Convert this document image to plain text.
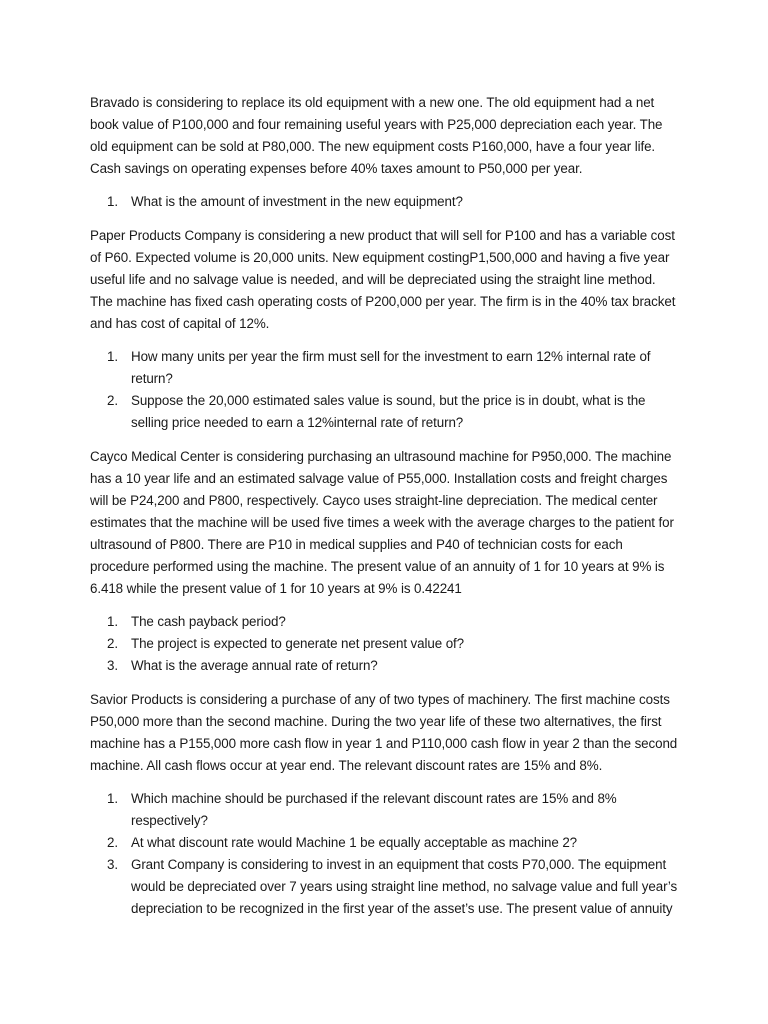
Bravado is considering to replace its old equipment with a new one. The old equipment had a net book value of P100,000 and four remaining useful years with P25,000 depreciation each year. The old equipment can be sold at P80,000. The new equipment costs P160,000, have a four year life. Cash savings on operating expenses before 40% taxes amount to P50,000 per year.

1. What is the amount of investment in the new equipment?

Paper Products Company is considering a new product that will sell for P100 and has a variable cost of P60. Expected volume is 20,000 units. New equipment costingP1,500,000 and having a five year useful life and no salvage value is needed, and will be depreciated using the straight line method. The machine has fixed cash operating costs of P200,000 per year. The firm is in the 40% tax bracket and has cost of capital of 12%.

1. How many units per year the firm must sell for the investment to earn 12% internal rate of return?
2. Suppose the 20,000 estimated sales value is sound, but the price is in doubt, what is the selling price needed to earn a 12%internal rate of return?

Cayco Medical Center is considering purchasing an ultrasound machine for P950,000. The machine has a 10 year life and an estimated salvage value of P55,000. Installation costs and freight charges will be P24,200 and P800, respectively. Cayco uses straight-line depreciation. The medical center estimates that the machine will be used five times a week with the average charges to the patient for ultrasound of P800. There are P10 in medical supplies and P40 of technician costs for each procedure performed using the machine. The present value of an annuity of 1 for 10 years at 9% is 6.418 while the present value of 1 for 10 years at 9% is 0.42241

1. The cash payback period?
2. The project is expected to generate net present value of?
3. What is the average annual rate of return?

Savior Products is considering a purchase of any of two types of machinery. The first machine costs P50,000 more than the second machine. During the two year life of these two alternatives, the first machine has a P155,000 more cash flow in year 1 and P110,000 cash flow in year 2 than the second machine. All cash flows occur at year end. The relevant discount rates are 15% and 8%.

1. Which machine should be purchased if the relevant discount rates are 15% and 8% respectively?
2. At what discount rate would Machine 1 be equally acceptable as machine 2?
3. Grant Company is considering to invest in an equipment that costs P70,000. The equipment would be depreciated over 7 years using straight line method, no salvage value and full year’s depreciation to be recognized in the first year of the asset’s use. The present value of annuity
